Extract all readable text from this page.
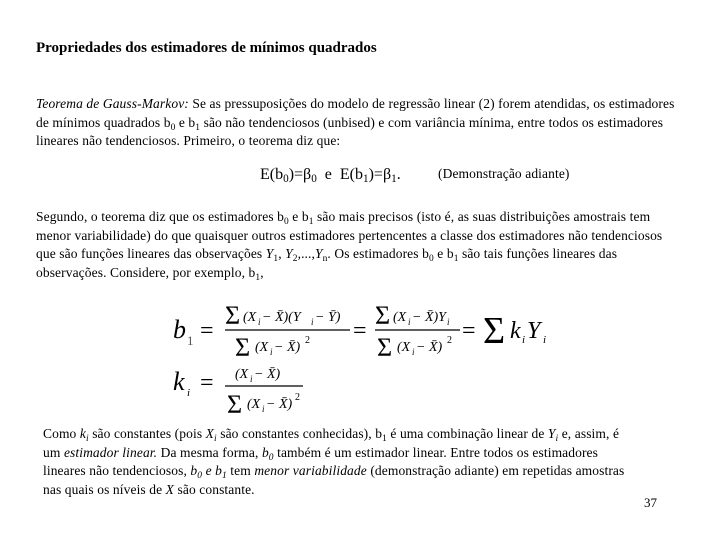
Propriedades dos estimadores de mínimos quadrados
Teorema de Gauss-Markov: Se as pressuposições do modelo de regressão linear (2) forem atendidas, os estimadores de mínimos quadrados $b_0$ e $b_1$ são não tendenciosos (unbised) e com variância mínima, entre todos os estimadores lineares não tendenciosos. Primeiro, o teorema diz que:
$E(b_0)=\beta_0$  e  $E(b_1)=\beta_1$.	(Demonstração adiante)
Segundo, o teorema diz que os estimadores $b_0$ e $b_1$ são mais precisos (isto é, as suas distribuições amostrais tem menor variabilidade) do que quaisquer outros estimadores pertencentes a classe dos estimadores não tendenciosos que são funções lineares das observações $Y_1$, $Y_2,...,Y_n$. Os estimadores $b_0$ e $b_1$ são tais funções lineares das observações. Considere, por exemplo, $b_1$,
b 1 =
Σ (X i − X̄)(Y i − Ȳ)
Σ (X i − X̄) 2 =
Σ (X i − X̄)Y i
Σ (X i − X̄) 2 = Σ k i Y i
k i = (X i − X̄)
Σ (X i − X̄) 2
Como $k_i$ são constantes (pois $X_i$ são constantes conhecidas), $b_1$ é uma combinação linear de $Y_i$ e, assim, é um estimador linear. Da mesma forma, $b_0$ também é um estimador linear. Entre todos os estimadores lineares não tendenciosos, $b_0$ e $b_1$ tem menor variabilidade (demonstração adiante) em repetidas amostras nas quais os níveis de X são constante.
37
